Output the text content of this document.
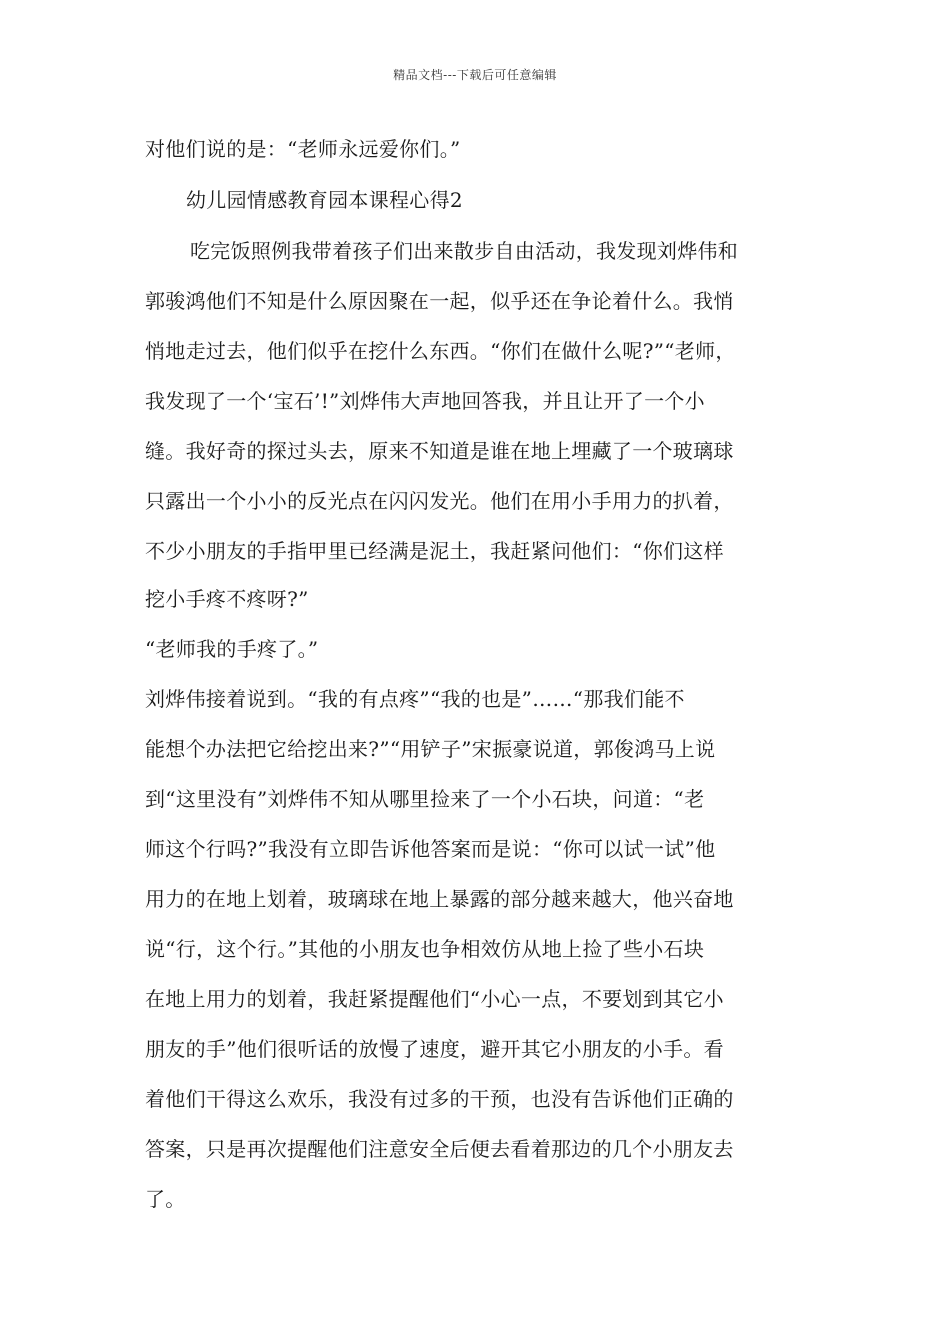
精品文档---下载后可任意编辑
对他们说的是：“老师永远爱你们。”
幼儿园情感教育园本课程心得2
吃完饭照例我带着孩子们出来散步自由活动，我发现刘烨伟和
郭骏鸿他们不知是什么原因聚在一起，似乎还在争论着什么。我悄
悄地走过去，他们似乎在挖什么东西。“你们在做什么呢?”“老师，
我发现了一个‘宝石’!”刘烨伟大声地回答我，并且让开了一个小
缝。我好奇的探过头去，原来不知道是谁在地上埋藏了一个玻璃球
只露出一个小小的反光点在闪闪发光。他们在用小手用力的扒着，
不少小朋友的手指甲里已经满是泥土，我赶紧问他们：“你们这样
挖小手疼不疼呀?”
“老师我的手疼了。”
刘烨伟接着说到。“我的有点疼”“我的也是”……“那我们能不
能想个办法把它给挖出来?”“用铲子”宋振豪说道，郭俊鸿马上说
到“这里没有”刘烨伟不知从哪里捡来了一个小石块，问道：“老
师这个行吗?”我没有立即告诉他答案而是说：“你可以试一试”他
用力的在地上划着，玻璃球在地上暴露的部分越来越大，他兴奋地
说“行，这个行。”其他的小朋友也争相效仿从地上捡了些小石块
在地上用力的划着，我赶紧提醒他们“小心一点，不要划到其它小
朋友的手”他们很听话的放慢了速度，避开其它小朋友的小手。看
着他们干得这么欢乐，我没有过多的干预，也没有告诉他们正确的
答案，只是再次提醒他们注意安全后便去看着那边的几个小朋友去
了。
